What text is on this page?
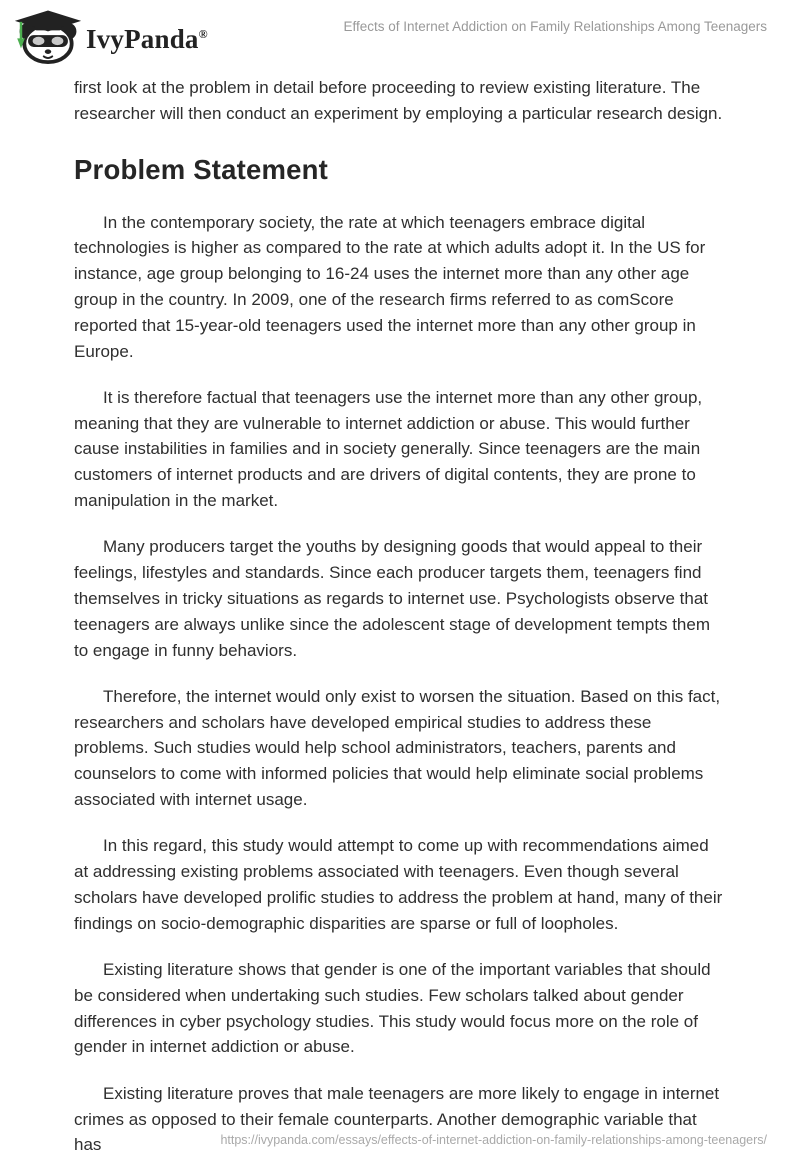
IvyPanda®	Effects of Internet Addiction on Family Relationships Among Teenagers

first look at the problem in detail before proceeding to review existing literature. The researcher will then conduct an experiment by employing a particular research design.

Problem Statement

In the contemporary society, the rate at which teenagers embrace digital technologies is higher as compared to the rate at which adults adopt it. In the US for instance, age group belonging to 16-24 uses the internet more than any other age group in the country. In 2009, one of the research firms referred to as comScore reported that 15-year-old teenagers used the internet more than any other group in Europe.

It is therefore factual that teenagers use the internet more than any other group, meaning that they are vulnerable to internet addiction or abuse. This would further cause instabilities in families and in society generally. Since teenagers are the main customers of internet products and are drivers of digital contents, they are prone to manipulation in the market.

Many producers target the youths by designing goods that would appeal to their feelings, lifestyles and standards. Since each producer targets them, teenagers find themselves in tricky situations as regards to internet use. Psychologists observe that teenagers are always unlike since the adolescent stage of development tempts them to engage in funny behaviors.

Therefore, the internet would only exist to worsen the situation. Based on this fact, researchers and scholars have developed empirical studies to address these problems. Such studies would help school administrators, teachers, parents and counselors to come with informed policies that would help eliminate social problems associated with internet usage.

In this regard, this study would attempt to come up with recommendations aimed at addressing existing problems associated with teenagers. Even though several scholars have developed prolific studies to address the problem at hand, many of their findings on socio-demographic disparities are sparse or full of loopholes.

Existing literature shows that gender is one of the important variables that should be considered when undertaking such studies. Few scholars talked about gender differences in cyber psychology studies. This study would focus more on the role of gender in internet addiction or abuse.

Existing literature proves that male teenagers are more likely to engage in internet crimes as opposed to their female counterparts. Another demographic variable that has	https://ivypanda.com/essays/effects-of-internet-addiction-on-family-relationships-among-teenagers/
